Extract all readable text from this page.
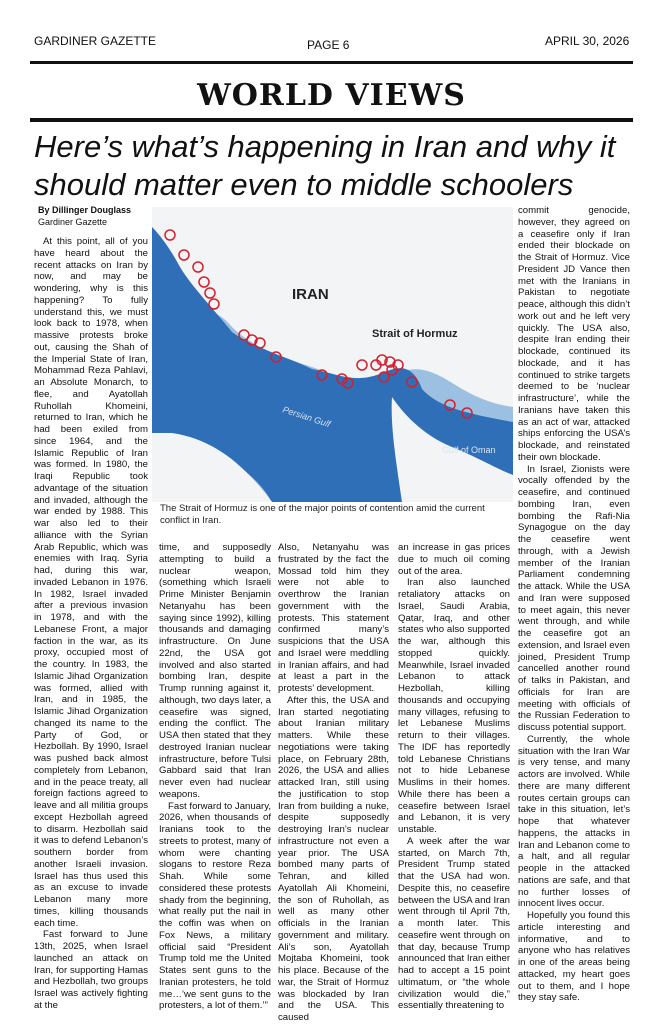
GARDINER GAZETTE	PAGE 6	APRIL 30, 2026
WORLD VIEWS
Here’s what’s happening in Iran and why it should matter even to middle schoolers
By Dillinger Douglass
Gardiner Gazette
IRAN
Strait of Hormuz
Persian Gulf
Gulf of Oman
The Strait of Hormuz is one of the major points of contention amid the current conflict in Iran.

At this point, all of you have heard about the recent attacks on Iran by now, and may be wondering, why is this happening? To fully understand this, we must look back to 1978, when massive protests broke out, causing the Shah of the Imperial State of Iran, Mohammad Reza Pahlavi, an Absolute Monarch, to flee, and Ayatollah Ruhollah Khomeini, returned to Iran, which he had been exiled from since 1964, and the Islamic Republic of Iran was formed. In 1980, the Iraqi Republic took advantage of the situation and invaded, although the war ended by 1988. This war also led to their alliance with the Syrian Arab Republic, which was enemies with Iraq. Syria had, during this war, invaded Lebanon in 1976. In 1982, Israel invaded after a previous invasion in 1978, and with the Lebanese Front, a major faction in the war, as its proxy, occupied most of the country. In 1983, the Islamic Jihad Organization was formed, allied with Iran, and in 1985, the Islamic Jihad Organization changed its name to the Party of God, or Hezbollah. By 1990, Israel was pushed back almost completely from Lebanon, and in the peace treaty, all foreign factions agreed to leave and all militia groups except Hezbollah agreed to disarm. Hezbollah said it was to defend Lebanon’s southern border from another Israeli invasion. Israel has thus used this as an excuse to invade Lebanon many more times, killing thousands each time.

Fast forward to June 13th, 2025, when Israel launched an attack on Iran, for supporting Hamas and Hezbollah, two groups Israel was actively fighting at the

time, and supposedly attempting to build a nuclear weapon, (something which Israeli Prime Minister Benjamin Netanyahu has been saying since 1992), killing thousands and damaging infrastructure. On June 22nd, the USA got involved and also started bombing Iran, despite Trump running against it, although, two days later, a ceasefire was signed, ending the conflict. The USA then stated that they destroyed Iranian nuclear infrastructure, before Tulsi Gabbard said that Iran never even had nuclear weapons.

Fast forward to January, 2026, when thousands of Iranians took to the streets to protest, many of whom were chanting slogans to restore Reza Shah. While some considered these protests shady from the beginning, what really put the nail in the coffin was when on Fox News, a military official said “President Trump told me the United States sent guns to the Iranian protesters, he told me…’we sent guns to the protesters, a lot of them.’”

Also, Netanyahu was frustrated by the fact the Mossad told him they were not able to overthrow the Iranian government with the protests. This statement confirmed many’s suspicions that the USA and Israel were meddling in Iranian affairs, and had at least a part in the protests’ development.

After this, the USA and Iran started negotiating about Iranian military matters. While these negotiations were taking place, on February 28th, 2026, the USA and allies attacked Iran, still using the justification to stop Iran from building a nuke, despite supposedly destroying Iran’s nuclear infrastructure not even a year prior. The USA bombed many parts of Tehran, and killed Ayatollah Ali Khomeini, the son of Ruhollah, as well as many other officials in the Iranian government and military. Ali’s son, Ayatollah Mojtaba Khomeini, took his place. Because of the war, the Strait of Hormuz was blockaded by Iran and the USA. This caused

an increase in gas prices due to much oil coming out of the area.

Iran also launched retaliatory attacks on Israel, Saudi Arabia, Qatar, Iraq, and other states who also supported the war, although this stopped quickly. Meanwhile, Israel invaded Lebanon to attack Hezbollah, killing thousands and occupying many villages, refusing to let Lebanese Muslims return to their villages. The IDF has reportedly told Lebanese Christians not to hide Lebanese Muslims in their homes. While there has been a ceasefire between Israel and Lebanon, it is very unstable.

A week after the war started, on March 7th, President Trump stated that the USA had won. Despite this, no ceasefire between the USA and Iran went through til April 7th, a month later. This ceasefire went through on that day, because Trump announced that Iran either had to accept a 15 point ultimatum, or “the whole civilization would die,” essentially threatening to

commit genocide, however, they agreed on a ceasefire only if Iran ended their blockade on the Strait of Hormuz. Vice President JD Vance then met with the Iranians in Pakistan to negotiate peace, although this didn’t work out and he left very quickly. The USA also, despite Iran ending their blockade, continued its blockade, and it has continued to strike targets deemed to be ‘nuclear infrastructure’, while the Iranians have taken this as an act of war, attacked ships enforcing the USA’s blockade, and reinstated their own blockade.

In Israel, Zionists were vocally offended by the ceasefire, and continued bombing Iran, even bombing the Rafi-Nia Synagogue on the day the ceasefire went through, with a Jewish member of the Iranian Parliament condemning the attack. While the USA and Iran were supposed to meet again, this never went through, and while the ceasefire got an extension, and Israel even joined, President Trump cancelled another round of talks in Pakistan, and officials for Iran are meeting with officials of the Russian Federation to discuss potential support.

Currently, the whole situation with the Iran War is very tense, and many actors are involved. While there are many different routes certain groups can take in this situation, let’s hope that whatever happens, the attacks in Iran and Lebanon come to a halt, and all regular people in the attacked nations are safe, and that no further losses of innocent lives occur.

Hopefully you found this article interesting and informative, and to anyone who has relatives in one of the areas being attacked, my heart goes out to them, and I hope they stay safe.
